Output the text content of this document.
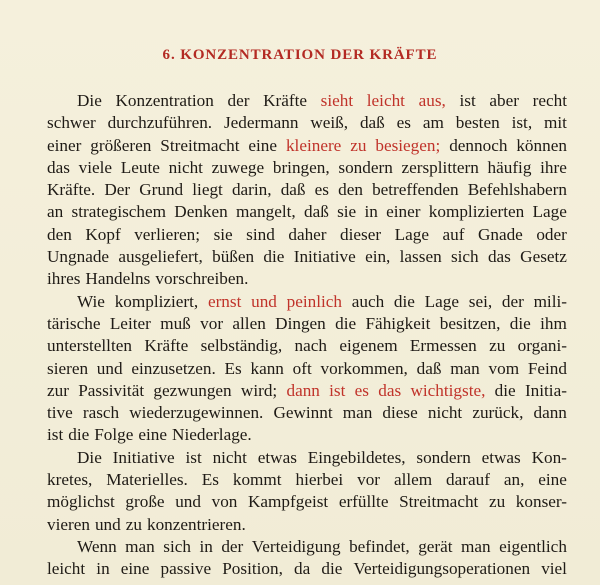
6. KONZENTRATION DER KRÄFTE
Die Konzentration der Kräfte sieht leicht aus, ist aber recht
schwer durchzuführen. Jedermann weiß, daß es am besten ist, mit
einer größeren Streitmacht eine kleinere zu besiegen; dennoch können
das viele Leute nicht zuwege bringen, sondern zersplittern häufig ihre
Kräfte. Der Grund liegt darin, daß es den betreffenden Befehlshabern
an strategischem Denken mangelt, daß sie in einer komplizierten Lage
den Kopf verlieren; sie sind daher dieser Lage auf Gnade oder
Ungnade ausgeliefert, büßen die Initiative ein, lassen sich das Gesetz
ihres Handelns vorschreiben.
Wie kompliziert, ernst und peinlich auch die Lage sei, der mili-
tärische Leiter muß vor allen Dingen die Fähigkeit besitzen, die ihm
unterstellten Kräfte selbständig, nach eigenem Ermessen zu organi-
sieren und einzusetzen. Es kann oft vorkommen, daß man vom Feind
zur Passivität gezwungen wird; dann ist es das wichtigste, die Initia-
tive rasch wiederzugewinnen. Gewinnt man diese nicht zurück, dann
ist die Folge eine Niederlage.
Die Initiative ist nicht etwas Eingebildetes, sondern etwas Kon-
kretes, Materielles. Es kommt hierbei vor allem darauf an, eine
möglichst große und von Kampfgeist erfüllte Streitmacht zu konser-
vieren und zu konzentrieren.
Wenn man sich in der Verteidigung befindet, gerät man eigentlich
leicht in eine passive Position, da die Verteidigungsoperationen viel
